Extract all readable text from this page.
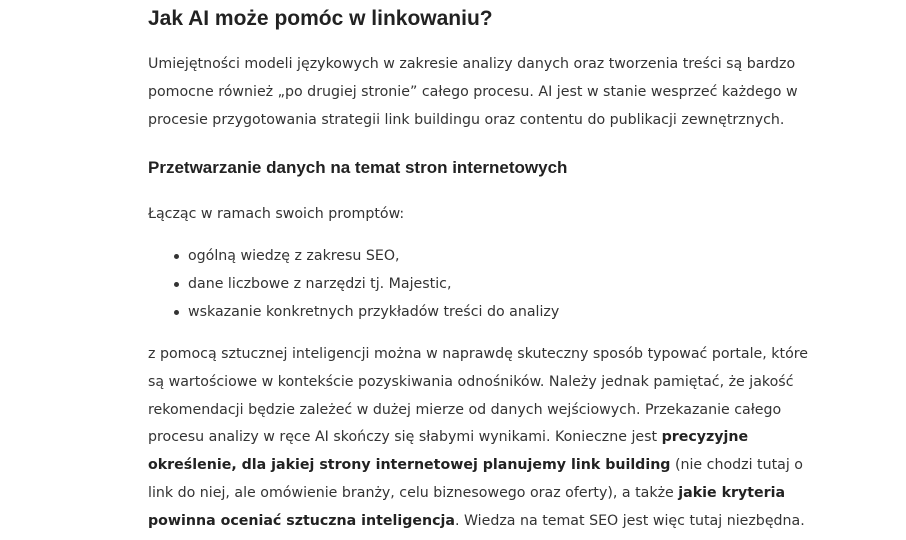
Jak AI może pomóc w linkowaniu?

Umiejętności modeli językowych w zakresie analizy danych oraz tworzenia treści są bardzo
pomocne również „po drugiej stronie” całego procesu. AI jest w stanie wesprzeć każdego w
procesie przygotowania strategii link buildingu oraz contentu do publikacji zewnętrznych.

Przetwarzanie danych na temat stron internetowych

Łącząc w ramach swoich promptów:

ogólną wiedzę z zakresu SEO,
dane liczbowe z narzędzi tj. Majestic,
wskazanie konkretnych przykładów treści do analizy

z pomocą sztucznej inteligencji można w naprawdę skuteczny sposób typować portale, które
są wartościowe w kontekście pozyskiwania odnośników. Należy jednak pamiętać, że jakość
rekomendacji będzie zależeć w dużej mierze od danych wejściowych. Przekazanie całego
procesu analizy w ręce AI skończy się słabymi wynikami. Konieczne jest precyzyjne
określenie, dla jakiej strony internetowej planujemy link building (nie chodzi tutaj o
link do niej, ale omówienie branży, celu biznesowego oraz oferty), a także jakie kryteria
powinna oceniać sztuczna inteligencja. Wiedza na temat SEO jest więc tutaj niezbędna.
